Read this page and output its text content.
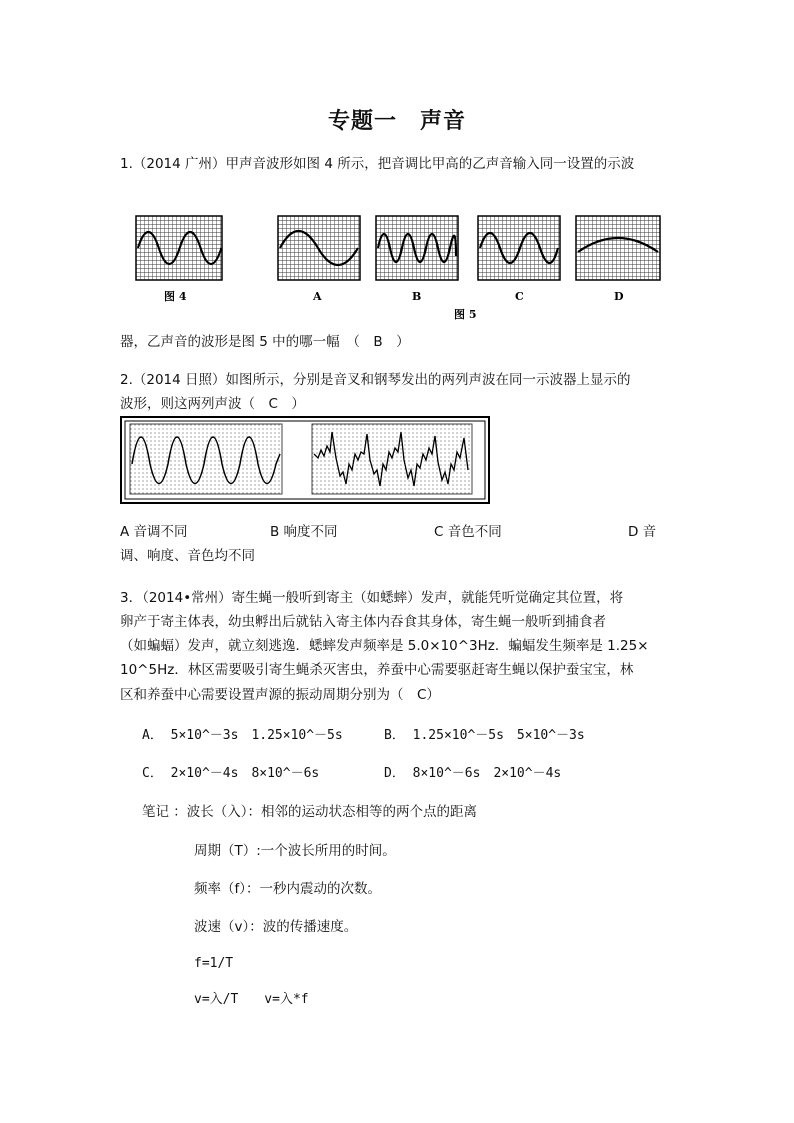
专题一　声音
1.（2014 广州）甲声音波形如图 4 所示，把音调比甲高的乙声音输入同一设置的示波
图 4	A	B	C	D
图 5
器，乙声音的波形是图 5 中的哪一幅　（　B　）
2.（2014 日照）如图所示，分别是音叉和钢琴发出的两列声波在同一示波器上显示的
波形，则这两列声波（　C　）
A 音调不同	B 响度不同	C 音色不同	D 音
调、响度、音色均不同
3．（2014•常州）寄生蝇一般听到寄主（如蟋蟀）发声，就能凭听觉确定其位置，将
卵产于寄主体表，幼虫孵出后就钻入寄主体内吞食其身体，寄生蝇一般听到捕食者
（如蝙蝠）发声，就立刻逃逸．蟋蟀发声频率是 5.0×10^3Hz．蝙蝠发生频率是 1.25×
10^5Hz．林区需要吸引寄生蝇杀灭害虫，养蚕中心需要驱赶寄生蝇以保护蚕宝宝，林
区和养蚕中心需要设置声源的振动周期分别为（　C）
A． 5×10^－3s　1.25×10^－5s	B． 1.25×10^－5s　5×10^－3s
C． 2×10^－4s　8×10^－6s	D． 8×10^－6s　2×10^－4s
笔记 ：波长（入）：相邻的运动状态相等的两个点的距离
周期（T）:一个波长所用的时间。
频率（f）：一秒内震动的次数。
波速（v）：波的传播速度。
f=1/T
v=入/T　　v=入*f
